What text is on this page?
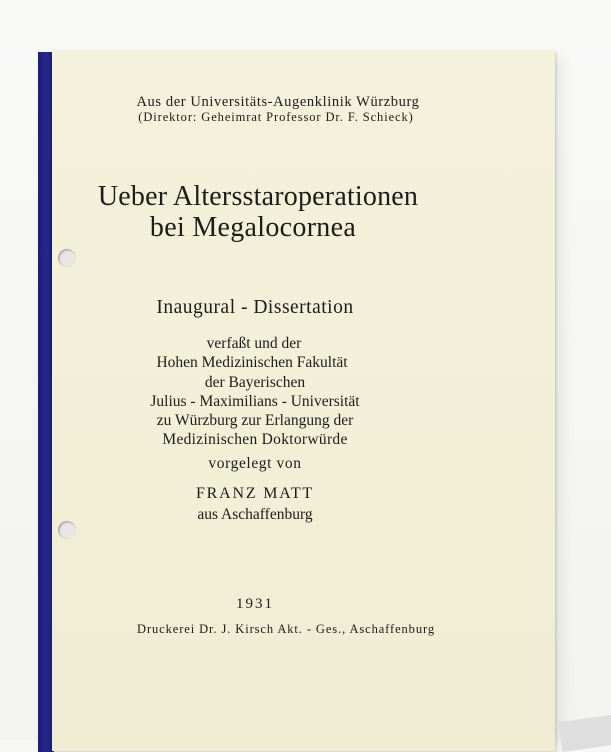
Aus der Universitäts-Augenklinik Würzburg
(Direktor: Geheimrat Professor Dr. F. Schieck)
Ueber Altersstaroperationen
bei Megalocornea
Inaugural - Dissertation
verfaßt und der
Hohen Medizinischen Fakultät
der Bayerischen
Julius - Maximilians - Universität
zu Würzburg zur Erlangung der
Medizinischen Doktorwürde
vorgelegt von
FRANZ MATT
aus Aschaffenburg
1931
Druckerei Dr. J. Kirsch Akt. - Ges., Aschaffenburg
